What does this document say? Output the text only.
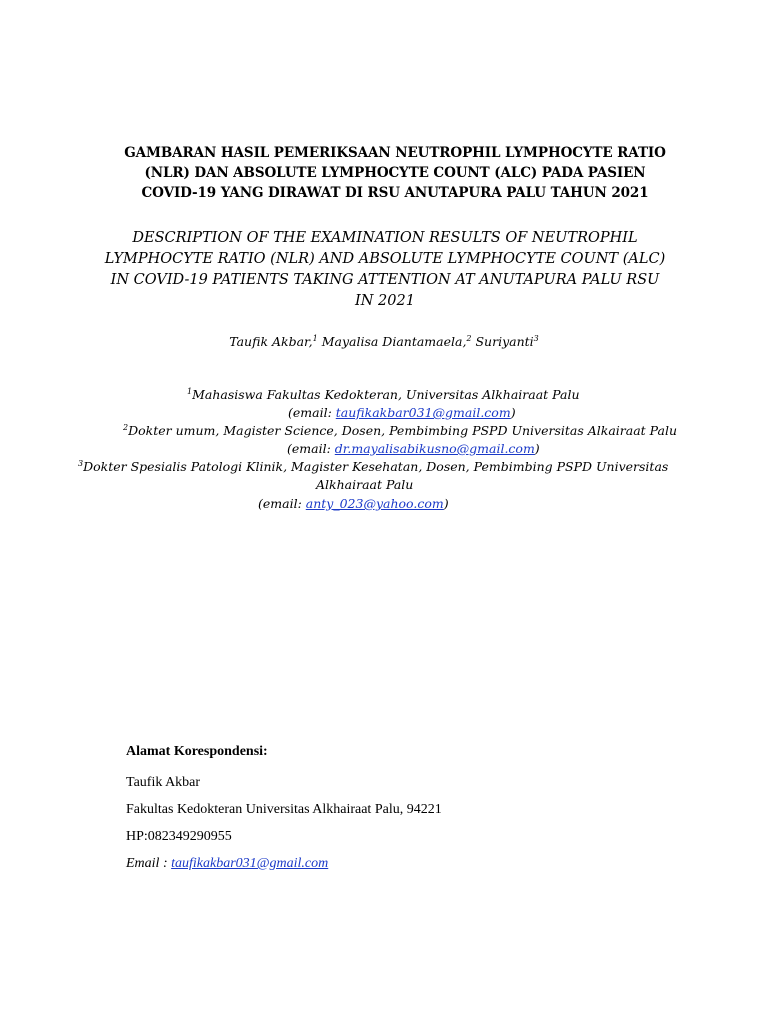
GAMBARAN HASIL PEMERIKSAAN NEUTROPHIL LYMPHOCYTE RATIO
(NLR) DAN ABSOLUTE LYMPHOCYTE COUNT (ALC) PADA PASIEN
COVID-19 YANG DIRAWAT DI RSU ANUTAPURA PALU TAHUN 2021
DESCRIPTION OF THE EXAMINATION RESULTS OF NEUTROPHIL
LYMPHOCYTE RATIO (NLR) AND ABSOLUTE LYMPHOCYTE COUNT (ALC)
IN COVID-19 PATIENTS TAKING ATTENTION AT ANUTAPURA PALU RSU
IN 2021
Taufik Akbar,$^1$ Mayalisa Diantamaela,$^2$ Suriyanti$^3$
$^1$Mahasiswa Fakultas Kedokteran, Universitas Alkhairaat Palu
(email: taufikakbar031@gmail.com)
$^2$Dokter umum, Magister Science, Dosen, Pembimbing PSPD Universitas Alkairaat Palu
(email: dr.mayalisabikusno@gmail.com)
$^3$Dokter Spesialis Patologi Klinik, Magister Kesehatan, Dosen, Pembimbing PSPD Universitas
Alkhairaat Palu
(email: anty_023@yahoo.com)
Alamat Korespondensi:
Taufik Akbar
Fakultas Kedokteran Universitas Alkhairaat Palu, 94221
HP:082349290955
Email : taufikakbar031@gmail.com
